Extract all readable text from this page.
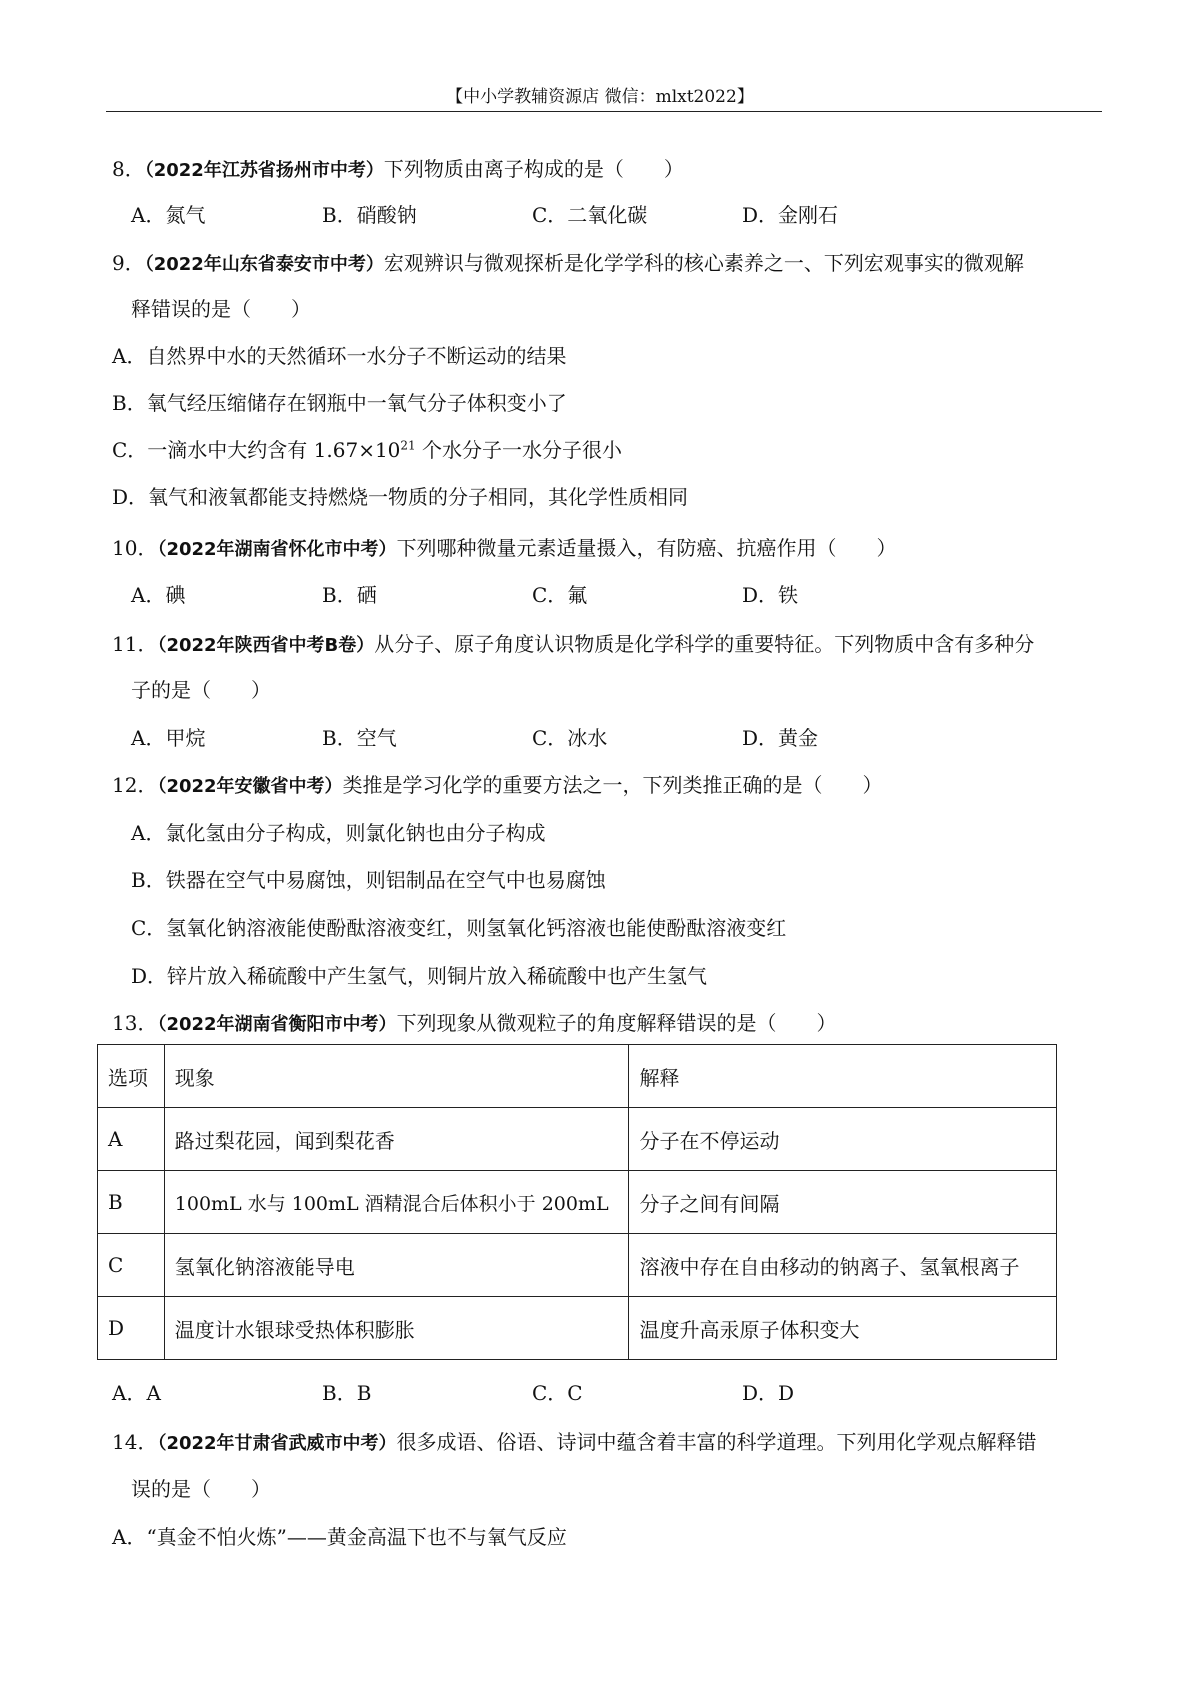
【中小学教辅资源店 微信：mlxt2022】
8．（2022年江苏省扬州市中考）下列物质由离子构成的是（　　）
A．氮气	B．硝酸钠	C．二氧化碳	D．金刚石
9．（2022年山东省泰安市中考）宏观辨识与微观探析是化学学科的核心素养之一、下列宏观事实的微观解
释错误的是（　　）
A．自然界中水的天然循环一水分子不断运动的结果
B．氧气经压缩储存在钢瓶中一氧气分子体积变小了
C．一滴水中大约含有 $1.67\times 10^{21}$ 个水分子一水分子很小
D．氧气和液氧都能支持燃烧一物质的分子相同，其化学性质相同
10．（2022年湖南省怀化市中考）下列哪种微量元素适量摄入，有防癌、抗癌作用（　　）
A．碘	B．硒	C．氟	D．铁
11．（2022年陕西省中考B卷）从分子、原子角度认识物质是化学科学的重要特征。下列物质中含有多种分
子的是（　　）
A．甲烷	B．空气	C．冰水	D．黄金
12．（2022年安徽省中考）类推是学习化学的重要方法之一，下列类推正确的是（　　）
A．氯化氢由分子构成，则氯化钠也由分子构成
B．铁器在空气中易腐蚀，则铝制品在空气中也易腐蚀
C．氢氧化钠溶液能使酚酞溶液变红，则氢氧化钙溶液也能使酚酞溶液变红
D．锌片放入稀硫酸中产生氢气，则铜片放入稀硫酸中也产生氢气
13．（2022年湖南省衡阳市中考）下列现象从微观粒子的角度解释错误的是（　　）
选项	现象	解释
A	路过梨花园，闻到梨花香	分子在不停运动
B	100mL 水与 100mL 酒精混合后体积小于 200mL	分子之间有间隔
C	氢氧化钠溶液能导电	溶液中存在自由移动的钠离子、氢氧根离子
D	温度计水银球受热体积膨胀	温度升高汞原子体积变大
A．A	B．B	C．C	D．D
14．（2022年甘肃省武威市中考）很多成语、俗语、诗词中蕴含着丰富的科学道理。下列用化学观点解释错
误的是（　　）
A．“真金不怕火炼”——黄金高温下也不与氧气反应
